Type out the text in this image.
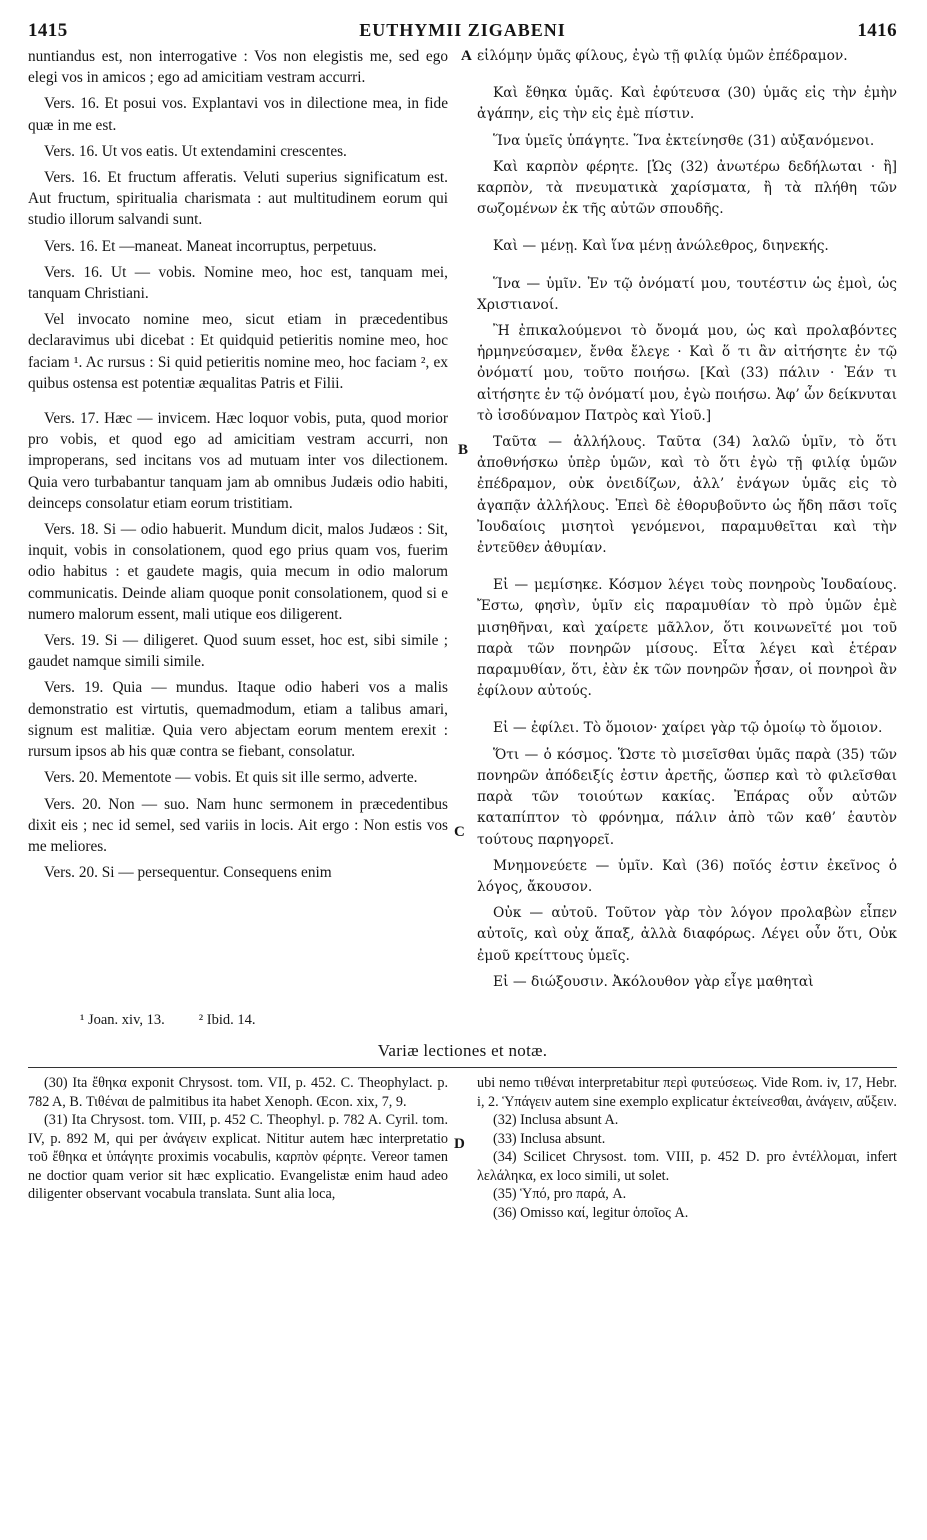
1415	EUTHYMII ZIGABENI	1416
A
B
C
D

nuntiandus est, non interrogative : Vos non elegistis me, sed ego elegi vos in amicos ; ego ad amicitiam vestram accurri.

Vers. 16. Et posui vos. Explantavi vos in dilectione mea, in fide quæ in me est.

Vers. 16. Ut vos eatis. Ut extendamini crescentes.

Vers. 16. Et fructum afferatis. Veluti superius significatum est. Aut fructum, spiritualia charismata : aut multitudinem eorum qui studio illorum salvandi sunt.

Vers. 16. Et —maneat. Maneat incorruptus, perpetuus.

Vers. 16. Ut — vobis. Nomine meo, hoc est, tanquam mei, tanquam Christiani.

Vel invocato nomine meo, sicut etiam in præcedentibus declaravimus ubi dicebat : Et quidquid petieritis nomine meo, hoc faciam ¹. Ac rursus : Si quid petieritis nomine meo, hoc faciam ², ex quibus ostensa est potentiæ æqualitas Patris et Filii.

Vers. 17. Hæc — invicem. Hæc loquor vobis, puta, quod morior pro vobis, et quod ego ad amicitiam vestram accurri, non improperans, sed incitans vos ad mutuam inter vos dilectionem. Quia vero turbabantur tanquam jam ab omnibus Judæis odio habiti, deinceps consolatur etiam eorum tristitiam.

Vers. 18. Si — odio habuerit. Mundum dicit, malos Judæos : Sit, inquit, vobis in consolationem, quod ego prius quam vos, fuerim odio habitus : et gaudete magis, quia mecum in odio malorum communicatis. Deinde aliam quoque ponit consolationem, quod si e numero malorum essent, mali utique eos diligerent.

Vers. 19. Si — diligeret. Quod suum esset, hoc est, sibi simile ; gaudet namque simili simile.

Vers. 19. Quia — mundus. Itaque odio haberi vos a malis demonstratio est virtutis, quemadmodum, etiam a talibus amari, signum est malitiæ. Quia vero abjectam eorum mentem erexit : rursum ipsos ab his quæ contra se fiebant, consolatur.

Vers. 20. Mementote — vobis. Et quis sit ille sermo, adverte.

Vers. 20. Non — suo. Nam hunc sermonem in præcedentibus dixit eis ; nec id semel, sed variis in locis. Ait ergo : Non estis vos me meliores.

Vers. 20. Si — persequentur. Consequens enim

εἱλόμην ὑμᾶς φίλους, ἐγὼ τῇ φιλίᾳ ὑμῶν ἐπέδραμον.

Καὶ ἔθηκα ὑμᾶς. Καὶ ἐφύτευσα (30) ὑμᾶς εἰς τὴν ἐμὴν ἀγάπην, εἰς τὴν εἰς ἐμὲ πίστιν.

Ἵνα ὑμεῖς ὑπάγητε. Ἵνα ἐκτείνησθε (31) αὐξανόμενοι.

Καὶ καρπὸν φέρητε. [Ὡς (32) ἀνωτέρω δεδήλωται · ἢ] καρπὸν, τὰ πνευματικὰ χαρίσματα, ἢ τὰ πλήθη τῶν σωζομένων ἐκ τῆς αὐτῶν σπουδῆς.

Καὶ — μένῃ. Καὶ ἵνα μένῃ ἀνώλεθρος, διηνεκής.

Ἵνα — ὑμῖν. Ἐν τῷ ὀνόματί μου, τουτέστιν ὡς ἐμοὶ, ὡς Χριστιανοί.

Ἢ ἐπικαλούμενοι τὸ ὄνομά μου, ὡς καὶ προλαβόντες ἡρμηνεύσαμεν, ἔνθα ἔλεγε · Καὶ ὅ τι ἂν αἰτήσητε ἐν τῷ ὀνόματί μου, τοῦτο ποιήσω. [Καὶ (33) πάλιν · Ἐάν τι αἰτήσητε ἐν τῷ ὀνόματί μου, ἐγὼ ποιήσω. Ἀφ’ ὧν δείκνυται τὸ ἰσοδύναμον Πατρὸς καὶ Υἱοῦ.]

Ταῦτα — ἀλλήλους. Ταῦτα (34) λαλῶ ὑμῖν, τὸ ὅτι ἀποθνήσκω ὑπὲρ ὑμῶν, καὶ τὸ ὅτι ἐγὼ τῇ φιλίᾳ ὑμῶν ἐπέδραμον, οὐκ ὀνειδίζων, ἀλλ’ ἐνάγων ὑμᾶς εἰς τὸ ἀγαπᾷν ἀλλήλους. Ἐπεὶ δὲ ἐθορυβοῦντο ὡς ἤδη πᾶσι τοῖς Ἰουδαίοις μισητοὶ γενόμενοι, παραμυθεῖται καὶ τὴν ἐντεῦθεν ἀθυμίαν.

Εἰ — μεμίσηκε. Κόσμον λέγει τοὺς πονηροὺς Ἰουδαίους. Ἔστω, φησὶν, ὑμῖν εἰς παραμυθίαν τὸ πρὸ ὑμῶν ἐμὲ μισηθῆναι, καὶ χαίρετε μᾶλλον, ὅτι κοινωνεῖτέ μοι τοῦ παρὰ τῶν πονηρῶν μίσους. Εἶτα λέγει καὶ ἑτέραν παραμυθίαν, ὅτι, ἐὰν ἐκ τῶν πονηρῶν ἦσαν, οἱ πονηροὶ ἂν ἐφίλουν αὐτούς.

Εἰ — ἐφίλει. Τὸ ὅμοιον· χαίρει γὰρ τῷ ὁμοίῳ τὸ ὅμοιον.

Ὅτι — ὁ κόσμος. Ὥστε τὸ μισεῖσθαι ὑμᾶς παρὰ (35) τῶν πονηρῶν ἀπόδειξίς ἐστιν ἀρετῆς, ὥσπερ καὶ τὸ φιλεῖσθαι παρὰ τῶν τοιούτων κακίας. Ἐπάρας οὖν αὐτῶν καταπίπτον τὸ φρόνημα, πάλιν ἀπὸ τῶν καθ’ ἑαυτὸν τούτους παρηγορεῖ.

Μνημονεύετε — ὑμῖν. Καὶ (36) ποῖός ἐστιν ἐκεῖνος ὁ λόγος, ἄκουσον.

Οὐκ — αὐτοῦ. Τοῦτον γὰρ τὸν λόγον προλαβὼν εἶπεν αὐτοῖς, καὶ οὐχ ἅπαξ, ἀλλὰ διαφόρως. Λέγει οὖν ὅτι, Οὐκ ἐμοῦ κρείττους ὑμεῖς.

Εἰ — διώξουσιν. Ἀκόλουθον γὰρ εἶγε μαθηταὶ

¹ Joan. xiv, 13. ² Ibid. 14.
Variæ lectiones et notæ.

(30) Ita ἔθηκα exponit Chrysost. tom. VII, p. 452. C. Theophylact. p. 782 A, B. Τιθέναι de palmitibus ita habet Xenoph. Œcon. xix, 7, 9.

(31) Ita Chrysost. tom. VIII, p. 452 C. Theophyl. p. 782 A. Cyril. tom. IV, p. 892 M, qui per ἀνάγειν explicat. Nititur autem hæc interpretatio τοῦ ἔθηκα et ὑπάγητε proximis vocabulis, καρπὸν φέρητε. Vereor tamen ne doctior quam verior sit hæc explicatio. Evangelistæ enim haud adeo diligenter observant vocabula translata. Sunt alia loca,

ubi nemo τιθέναι interpretabitur περὶ φυτεύσεως. Vide Rom. iv, 17, Hebr. i, 2. Ὑπάγειν autem sine exemplo explicatur ἐκτείνεσθαι, ἀνάγειν, αὔξειν.

(32) Inclusa absunt A.

(33) Inclusa absunt.

(34) Scilicet Chrysost. tom. VIII, p. 452 D. pro ἐντέλλομαι, infert λελάληκα, ex loco simili, ut solet.

(35) Ὑπό, pro παρά, A.

(36) Omisso καί, legitur ὁποῖος A.
